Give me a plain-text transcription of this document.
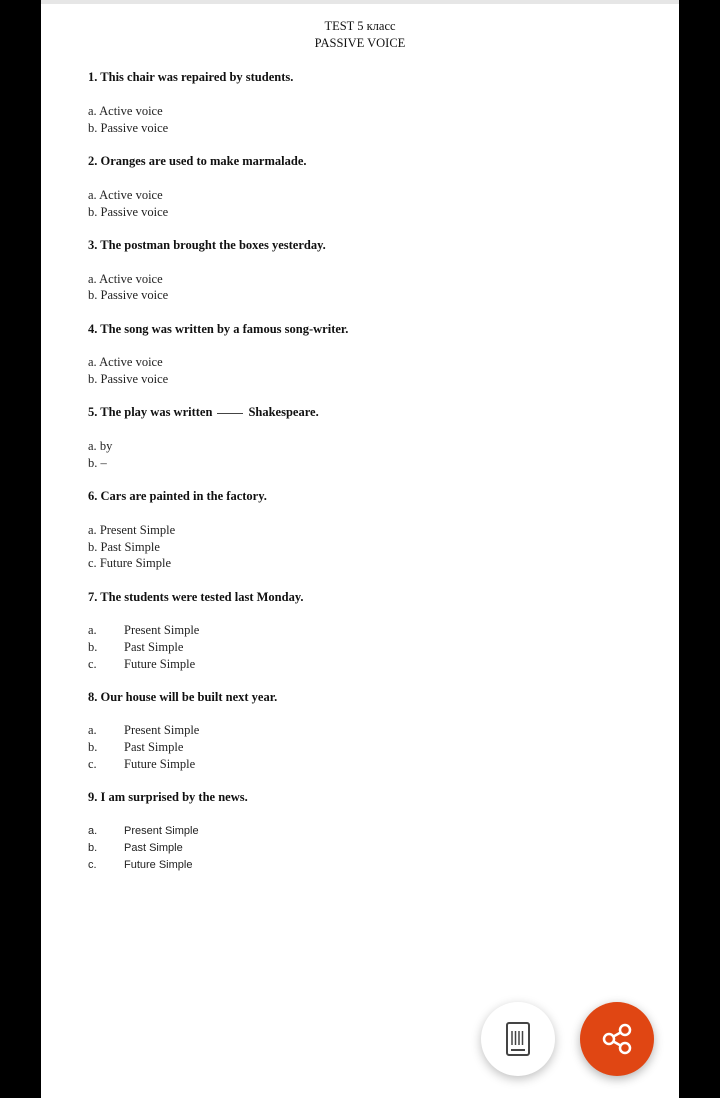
TEST 5 класс
PASSIVE VOICE
1. This chair was repaired by students.
a. Active voice
b. Passive voice
2. Oranges are used to make marmalade.
a. Active voice
b. Passive voice
3. The postman brought the boxes yesterday.
a. Active voice
b. Passive voice
4. The song was written by a famous song-writer.
a. Active voice
b. Passive voice
5. The play was written	Shakespeare.
a. by
b. –
6. Cars are painted in the factory.
a. Present Simple
b. Past Simple
c. Future Simple
7. The students were tested last Monday.
a. Present Simple
b. Past Simple
c. Future Simple
8. Our house will be built next year.
a. Present Simple
b. Past Simple
c. Future Simple
9. I am surprised by the news.
a. Present Simple
b. Past Simple
c. Future Simple
